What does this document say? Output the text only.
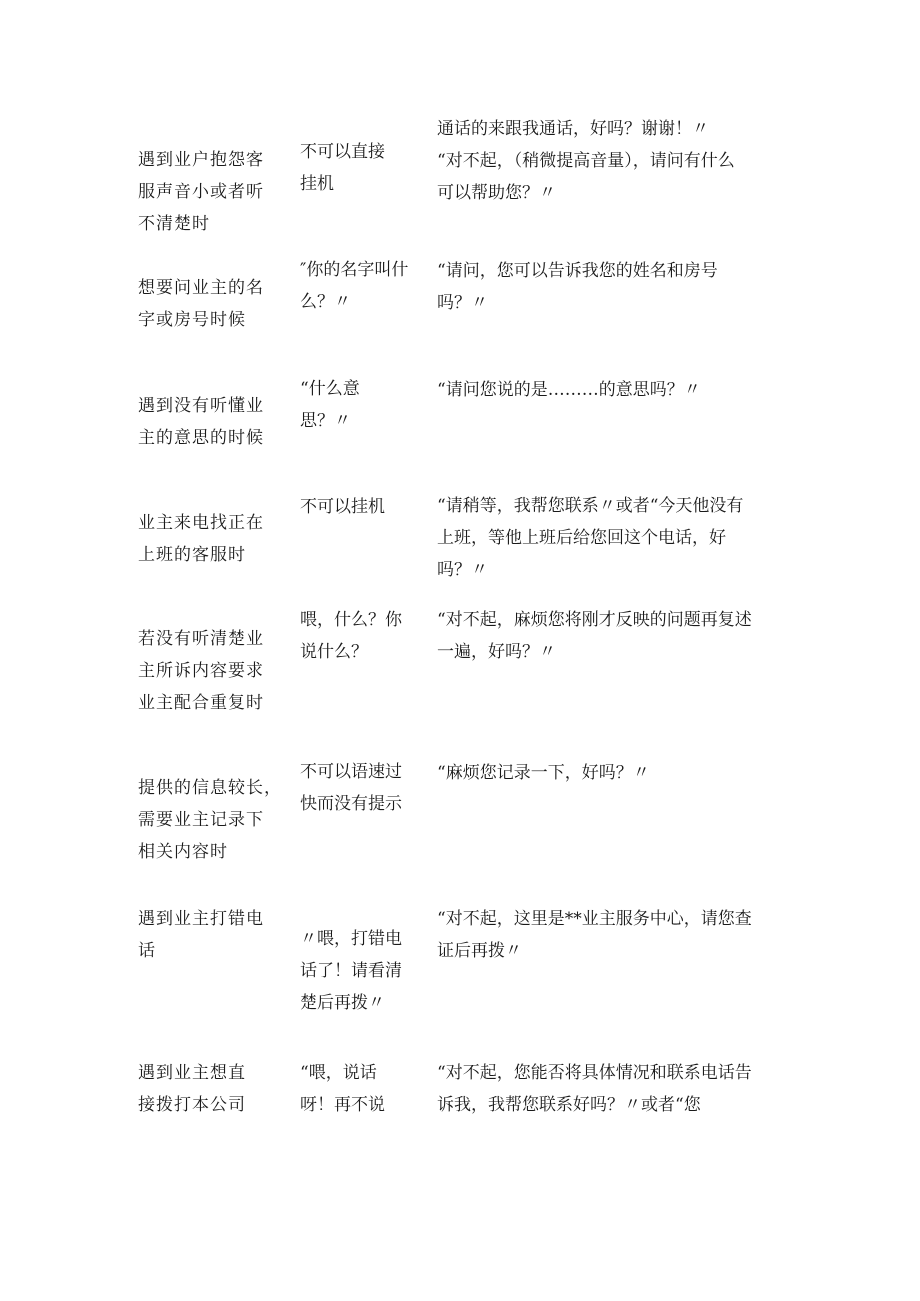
遇到业户抱怨客
服声音小或者听
不清楚时
不可以直接
挂机
通话的来跟我通话，好吗？谢谢！〃
“对不起，（稍微提高音量），请问有什么
可以帮助您？〃
想要问业主的名
字或房号时候
″你的名字叫什
么？〃
“请问，您可以告诉我您的姓名和房号
吗？〃
遇到没有听懂业
主的意思的时候
“什么意
思？〃
“请问您说的是………的意思吗？〃
业主来电找正在
上班的客服时
不可以挂机	“请稍等，我帮您联系〃或者“今天他没有
上班，等他上班后给您回这个电话，好
吗？〃
若没有听清楚业
主所诉内容要求
业主配合重复时
喂，什么？你
说什么？
“对不起，麻烦您将刚才反映的问题再复述
一遍，好吗？〃
提供的信息较长，
需要业主记录下
相关内容时
不可以语速过
快而没有提示
“麻烦您记录一下，好吗？〃
遇到业主打错电
话
〃喂，打错电
话了！请看清
楚后再拨〃
“对不起，这里是**业主服务中心，请您查
证后再拨〃
遇到业主想直
接拨打本公司
“喂，说话
呀！再不说
“对不起，您能否将具体情况和联系电话告
诉我，我帮您联系好吗？〃或者“您
